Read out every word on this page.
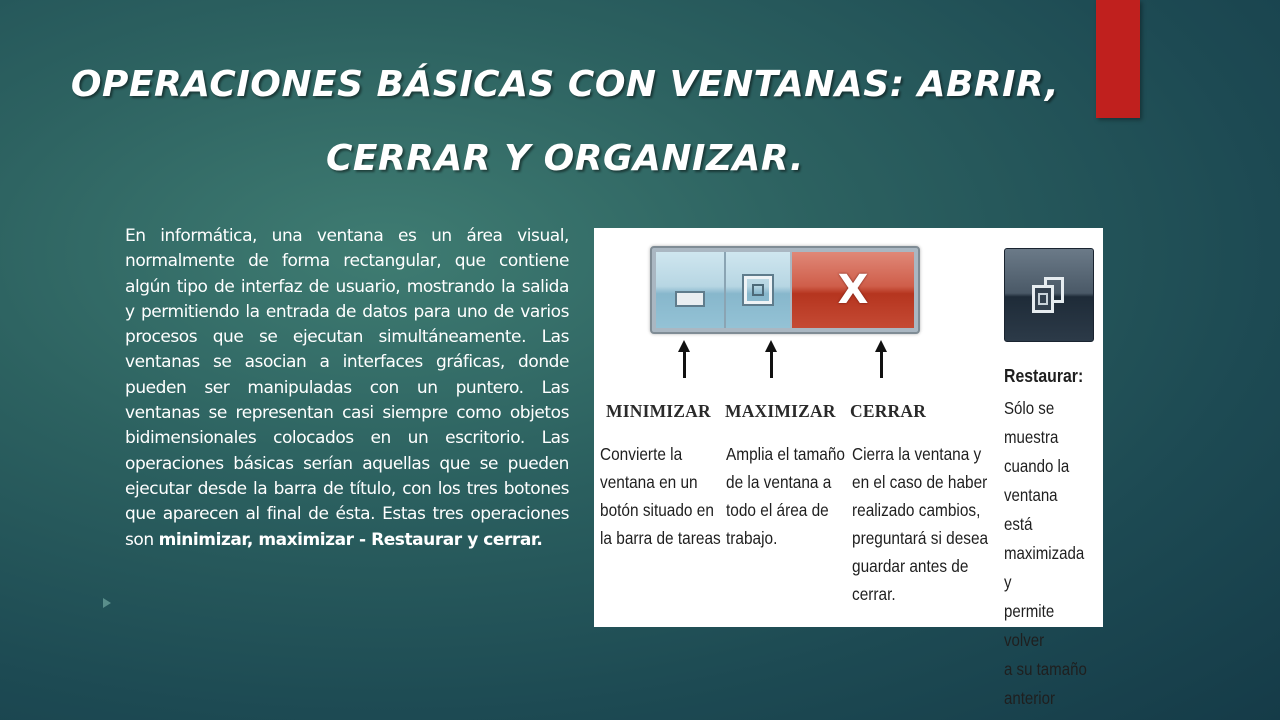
OPERACIONES BÁSICAS CON VENTANAS: ABRIR,
CERRAR Y ORGANIZAR.
En informática, una ventana es un área visual, normalmente de forma rectangular, que contiene algún tipo de interfaz de usuario, mostrando la salida y permitiendo la entrada de datos para uno de varios procesos que se ejecutan simultáneamente. Las ventanas se asocian a interfaces gráficas, donde pueden ser manipuladas con un puntero. Las ventanas se representan casi siempre como objetos bidimensionales colocados en un escritorio. Las operaciones básicas serían aquellas que se pueden ejecutar desde la barra de título, con los tres botones que aparecen al final de ésta. Estas tres operaciones son minimizar, maximizar - Restaurar y cerrar.
X
MINIMIZAR MAXIMIZAR CERRAR
Convierte la
ventana en un
botón situado en
la barra de tareas
Amplia el tamaño
de la ventana a
todo el área de
trabajo.
Cierra la ventana y
en el caso de haber
realizado cambios,
preguntará si desea
guardar antes de
cerrar.
Restaurar:
Sólo se
muestra
cuando la
ventana está
maximizada y
permite volver
a su tamaño
anterior
